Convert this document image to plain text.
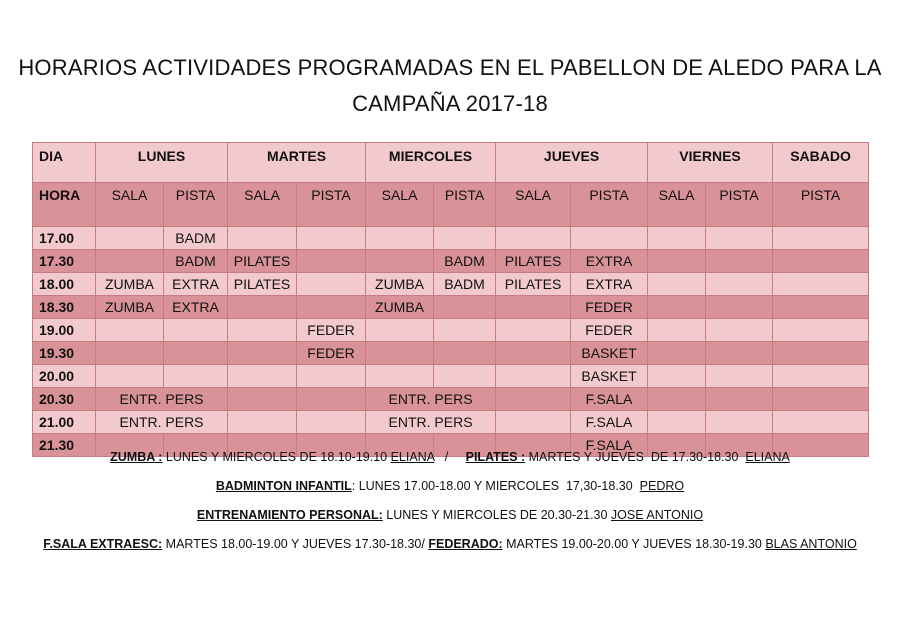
HORARIOS ACTIVIDADES PROGRAMADAS EN EL PABELLON DE ALEDO PARA LA
CAMPAÑA 2017-18
DIA	LUNES		MARTES		MIERCOLES		JUEVES		VIERNES		SABADO
HORA	SALA	PISTA	SALA	PISTA	SALA	PISTA	SALA	PISTA	SALA	PISTA	PISTA
17.00		BADM									
17.30		BADM	PILATES			BADM	PILATES	EXTRA			
18.00	ZUMBA	EXTRA	PILATES		ZUMBA	BADM	PILATES	EXTRA			
18.30	ZUMBA	EXTRA			ZUMBA			FEDER			
19.00				FEDER				FEDER			
19.30				FEDER				BASKET			
20.00								BASKET			
20.30	ENTR. PERS				ENTR. PERS			F.SALA			
21.00	ENTR. PERS				ENTR. PERS			F.SALA			
21.30								F.SALA			
ZUMBA : LUNES Y MIERCOLES DE 18.10-19.10 ELIANA   /     PILATES : MARTES Y JUEVES  DE 17.30-18.30  ELIANA
BADMINTON INFANTIL: LUNES 17.00-18.00 Y MIERCOLES  17,30-18.30  PEDRO
ENTRENAMIENTO PERSONAL: LUNES Y MIERCOLES DE 20.30-21.30 JOSE ANTONIO
F.SALA EXTRAESC: MARTES 18.00-19.00 Y JUEVES 17.30-18.30/ FEDERADO: MARTES 19.00-20.00 Y JUEVES 18.30-19.30 BLAS ANTONIO
